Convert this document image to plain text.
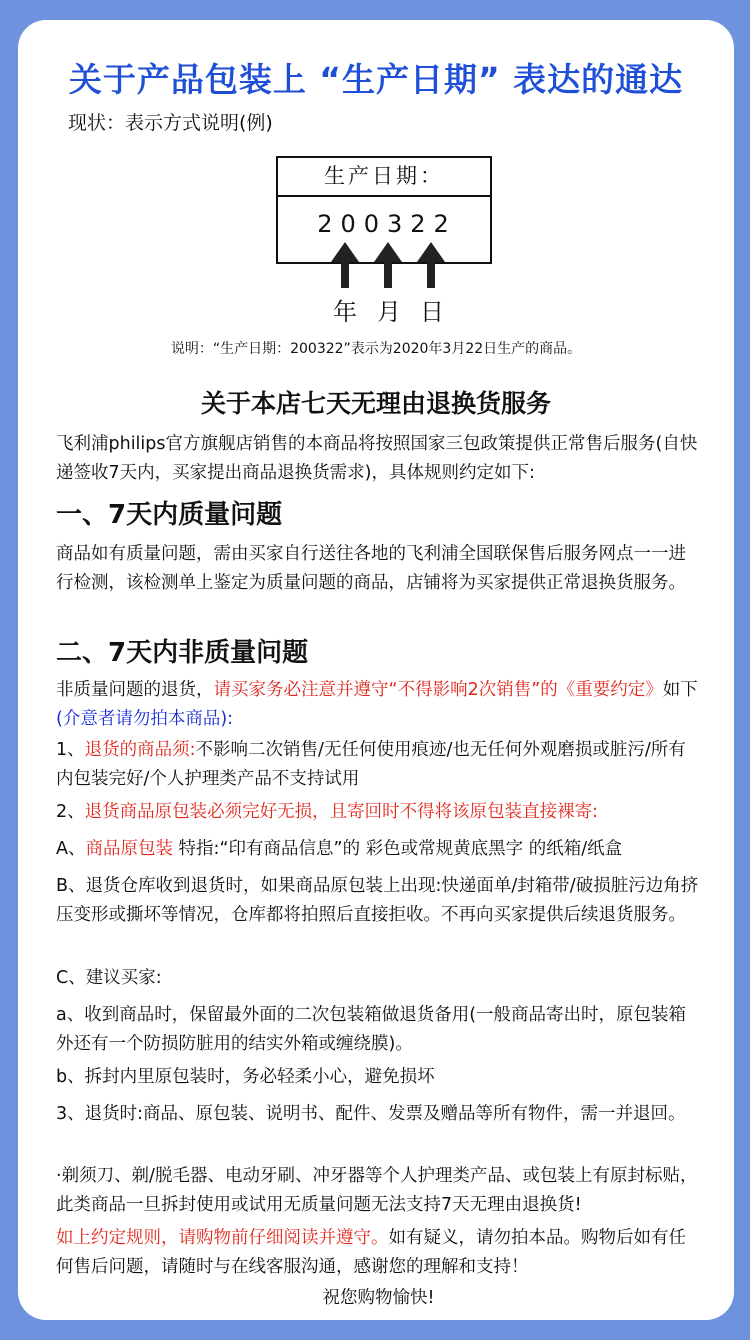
关于产品包装上 “生产日期” 表达的通达
现状：表示方式说明(例)
生产日期：
200322
年 月 日
说明：“生产日期：200322”表示为2020年3月22日生产的商品。
关于本店七天无理由退换货服务

飞利浦philips官方旗舰店销售的本商品将按照国家三包政策提供正常售后服务(自快递签收7天内，买家提出商品退换货需求)，具体规则约定如下:

一、7天内质量问题

商品如有质量问题，需由买家自行送往各地的飞利浦全国联保售后服务网点一一进行检测，该检测单上鉴定为质量问题的商品，店铺将为买家提供正常退换货服务。

二、7天内非质量问题

非质量问题的退货，请买家务必注意并遵守“不得影响2次销售”的《重要约定》如下(介意者请勿拍本商品):

1、退货的商品须:不影响二次销售/无任何使用痕迹/也无任何外观磨损或脏污/所有内包装完好/个人护理类产品不支持试用

2、退货商品原包装必须完好无损，且寄回时不得将该原包装直接裸寄:

A、商品原包装 特指:“印有商品信息”的 彩色或常规黄底黑字 的纸箱/纸盒

B、退货仓库收到退货时，如果商品原包装上出现:快递面单/封箱带/破损脏污边角挤压变形或撕坏等情况，仓库都将拍照后直接拒收。不再向买家提供后续退货服务。

C、建议买家:

a、收到商品时，保留最外面的二次包装箱做退货备用(一般商品寄出时，原包装箱外还有一个防损防脏用的结实外箱或缠绕膜)。

b、拆封内里原包装时，务必轻柔小心，避免损坏

3、退货时:商品、原包装、说明书、配件、发票及赠品等所有物件，需一并退回。

·剃须刀、剃/脱毛器、电动牙刷、冲牙器等个人护理类产品、或包装上有原封标贴，此类商品一旦拆封使用或试用无质量问题无法支持7天无理由退换货!

如上约定规则，请购物前仔细阅读并遵守。如有疑义，请勿拍本品。购物后如有任何售后问题，请随时与在线客服沟通，感谢您的理解和支持！

祝您购物愉快!
